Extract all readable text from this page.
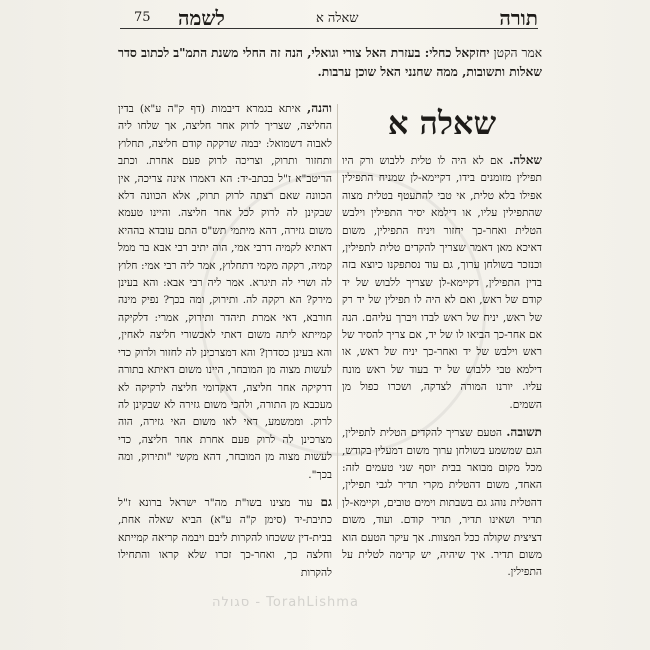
תורה
שאלה א
לשמה
75
אמר הקטן יחזקאל כחלי: בעזרת האל צורי וגואלי, הנה זה החלי משנת התמ"ב לכתוב סדר שאלות ותשובות, ממה שחנני האל שוכן ערבות.
שאלה א
שאלה. אם לא היה לו טלית ללבוש ורק היו תפילין מזומנים בידו, דקיימא-לן שמניח התפילין אפילו בלא טלית, אי טבי להתעטף בטלית מצוה שהתפילין עליו, או דילמא יסיר התפילין וילבש הטלית ואחר-כך יחזור ויניח התפילין, משום דאיכא מאן דאמר שצריך להקדים טלית לתפילין, וכנזכר בשולחן ערוך, גם עוד נסתפקנו כיוצא בזה בדין התפילין, דקיימא-לן שצריך ללבוש של יד קודם של ראש, ואם לא היה לו תפילין של יד רק של ראש, יניח של ראש לבדו ויברך עליהם. הנה אם אחר-כך הביאו לו של יד, אם צריך להסיר של ראש וילבש של יד ואחר-כך יניח של ראש, או דילמא טבי ללבוש של יד בעוד של ראש מונח עליו. יורנו המורה לצדקה, ושכרו כפול מן השמים.
תשובה. הטעם שצריך להקדים הטלית לתפילין, הגם שמשמע בשולחן ערוך משום דמעלין בקודש, מכל מקום מבואר בבית יוסף שני טעמים לזה: האחד, משום דהטלית מקרי תדיר לגבי תפילין, דהטלית נוהג גם בשבתות וימים טובים, וקיימא-לן תדיר ושאינו תדיר, תדיר קודם. ועוד, משום דציצית שקולה ככל המצוות. אך עיקר הטעם הוא משום תדיר. איך שיהיה, יש קדימה לטלית על התפילין.
והנה, איתא בגמרא דיבמות (דף ק"ה ע"א) בדין החליצה, שצריך לרוק אחר חליצה, אך שלחו ליה לאבוה דשמואל: יבמה שרקקה קודם חליצה, תחלוץ ותחזור ותרוק, וצריכה לרוק פעם אחרת. וכתב הריטב"א ז"ל בכתב-יד: הא דאמרו אינה צריכה, אין הכוונה שאם רצתה לרוק תרוק, אלא הכוונה דלא שבקינן לה לרוק לכל אחר חליצה. והיינו טעמא משום גזירה, דהא מיתמי תש"ס התם עובדא בההיא דאתיא לקמיה דרבי אמי, הוה יתיב רבי אבא בר ממל קמיה, רקקה מקמי דתחלוץ, אמר ליה רבי אמי: חלוץ לה ושרי לה תיגרא. אמר ליה רבי אבא: והא בעינן מירק? הא רקקה לה. ותירוק, ומה בכך? נפיק מינה חורבא, דאי אמרת תיהדר ותירוק, אמרי: דלקיקה קמייתא ליתה משום דאתי לאכשורי חליצה לאחין, והא בעינן כסדרן? והא דמצרכינן לה לחזור ולרוק כדי לעשות מצוה מן המובחר, היינו משום דאיתא בתורה דרקיקה אחר חליצה, דאקדומי חליצה לרקיקה לא מעכבא מן התורה, ולהכי משום גזירה לא שבקינן לה לרוק. וממשמע, דאי לאו משום האי גזירה, הוה מצרכינן לה לרוק פעם אחרת אחר חליצה, כדי לעשות מצוה מן המובחר, דהא מקשי "ותירוק, ומה בכך".
גם עוד מצינו בשו"ת מה"ר ישראל ברונא ז"ל כתיבת-יד (סימן ק"ה ע"א) הביא שאלה אחת, בבית-דין ששכחו להקרות ליבם ויבמה קריאה קמייתא וחלצה כך, ואחר-כך זכרו שלא קראו והתחילו להקרות
סגולה - TorahLishma
